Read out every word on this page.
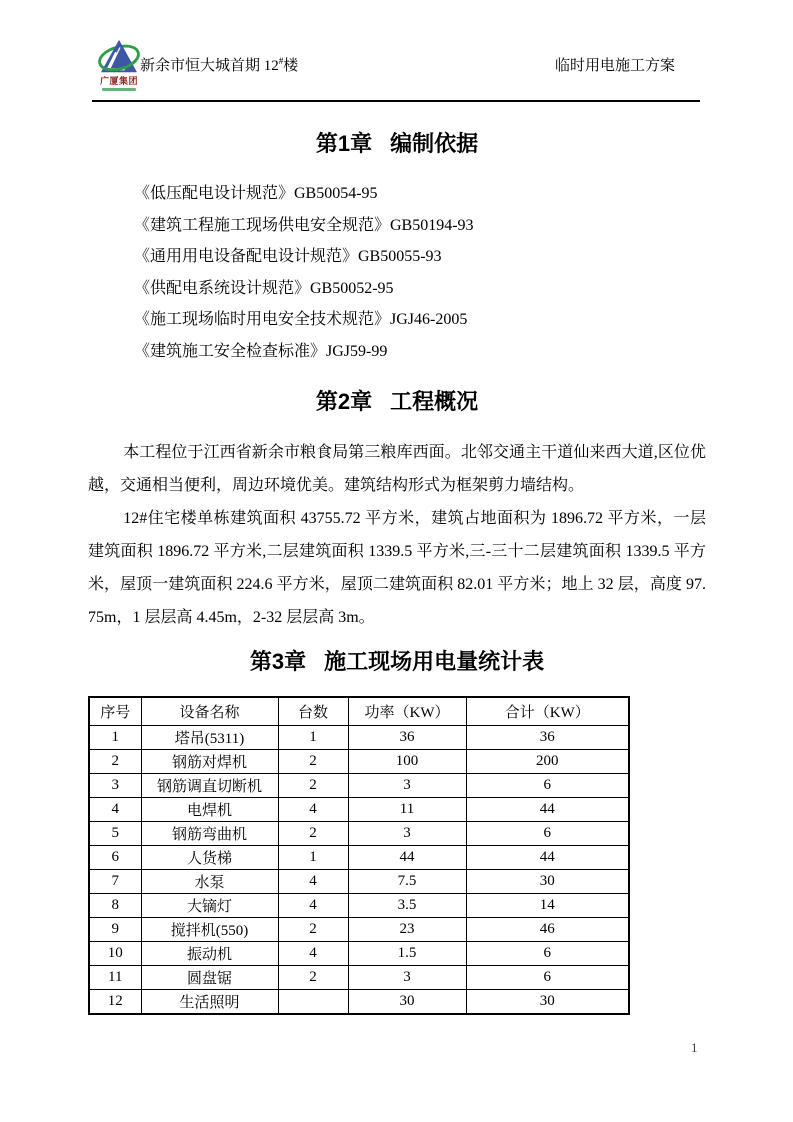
广厦集团
新余市恒大城首期 12#楼	临时用电施工方案
第1章 编制依据

《低压配电设计规范》GB50054-95

《建筑工程施工现场供电安全规范》GB50194-93

《通用用电设备配电设计规范》GB50055-93

《供配电系统设计规范》GB50052-95

《施工现场临时用电安全技术规范》JGJ46-2005

《建筑施工安全检查标准》JGJ59-99

第2章 工程概况

本工程位于江西省新余市粮食局第三粮库西面。北邻交通主干道仙来西大道,区位优越，交通相当便利，周边环境优美。建筑结构形式为框架剪力墙结构。

12#住宅楼单栋建筑面积 43755.72 平方米，建筑占地面积为 1896.72 平方米，一层建筑面积 1896.72 平方米,二层建筑面积 1339.5 平方米,三-三十二层建筑面积 1339.5 平方米，屋顶一建筑面积 224.6 平方米，屋顶二建筑面积 82.01 平方米；地上 32 层，高度 97.75m，1 层层高 4.45m，2-32 层层高 3m。

第3章 施工现场用电量统计表
序号	设备名称	台数	功率（KW）	合计（KW）
1	塔吊(5311)	1	36	36
2	钢筋对焊机	2	100	200
3	钢筋调直切断机	2	3	6
4	电焊机	4	11	44
5	钢筋弯曲机	2	3	6
6	人货梯	1	44	44
7	水泵	4	7.5	30
8	大镝灯	4	3.5	14
9	搅拌机(550)	2	23	46
10	振动机	4	1.5	6
11	圆盘锯	2	3	6
12	生活照明		30	30
1
